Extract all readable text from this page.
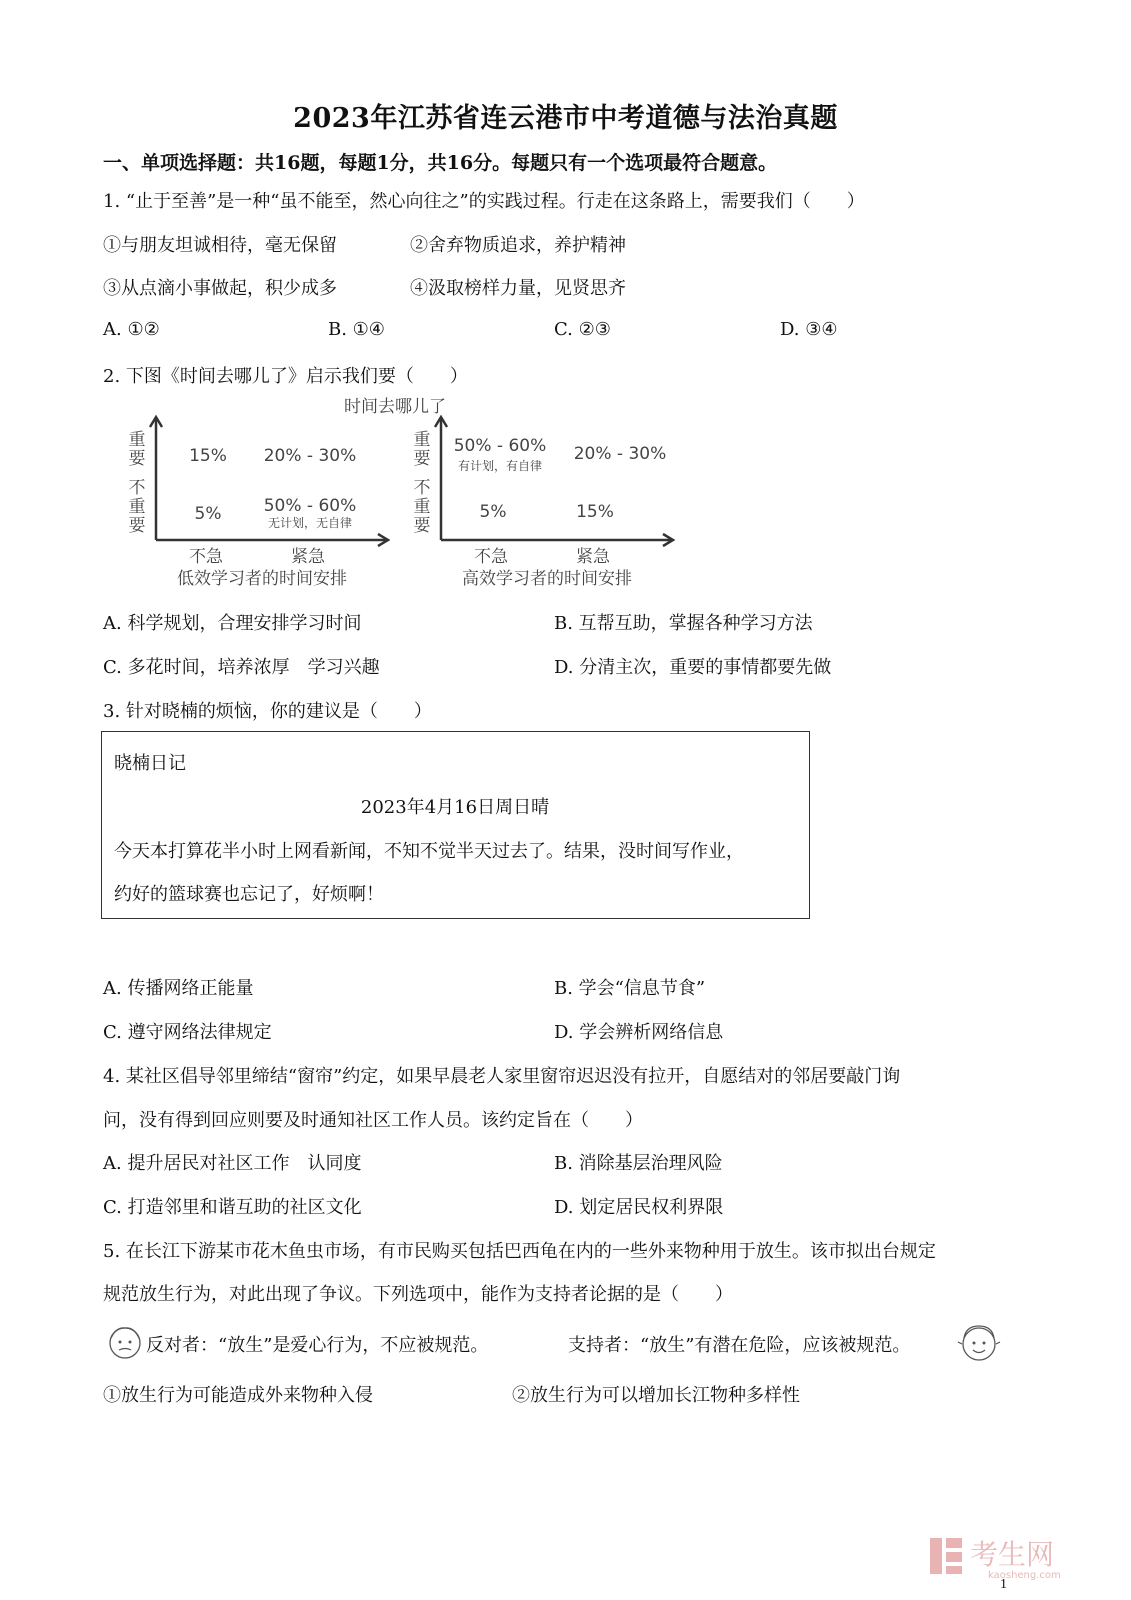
2023年江苏省连云港市中考道德与法治真题
一、单项选择题：共16题，每题1分，共16分。每题只有一个选项最符合题意。
1. “止于至善”是一种“虽不能至，然心向往之”的实践过程。行走在这条路上，需要我们（　　）
①与朋友坦诚相待，毫无保留	②舍弃物质追求，养护精神
③从点滴小事做起，积少成多	④汲取榜样力量，见贤思齐
A. ①②	B. ①④	C. ②③	D. ③④
2. 下图《时间去哪儿了》启示我们要（　　）
时间去哪儿了
重
要
不
重
要
15% 20% - 30%
5% 50% - 60%
无计划，无自律
不急	紧急
低效学习者的时间安排
重
要
不
重
要
50% - 60% 20% - 30%
5%	15%
有计划，有自律
不急	紧急
高效学习者的时间安排
A. 科学规划，合理安排学习时间	B. 互帮互助，掌握各种学习方法
C. 多花时间，培养浓厚　学习兴趣	D. 分清主次，重要的事情都要先做
3. 针对晓楠的烦恼，你的建议是（　　）
晓楠日记
2023年4月16日周日晴
今天本打算花半小时上网看新闻，不知不觉半天过去了。结果，没时间写作业，
约好的篮球赛也忘记了，好烦啊！
A. 传播网络正能量	B. 学会“信息节食”
C. 遵守网络法律规定	D. 学会辨析网络信息
4. 某社区倡导邻里缔结“窗帘”约定，如果早晨老人家里窗帘迟迟没有拉开，自愿结对的邻居要敲门询
问，没有得到回应则要及时通知社区工作人员。该约定旨在（　　）
A. 提升居民对社区工作　认同度	B. 消除基层治理风险
C. 打造邻里和谐互助的社区文化	D. 划定居民权利界限
5. 在长江下游某市花木鱼虫市场，有市民购买包括巴西龟在内的一些外来物种用于放生。该市拟出台规定
规范放生行为，对此出现了争议。下列选项中，能作为支持者论据的是（　　）
反对者：“放生”是爱心行为，不应被规范。	支持者：“放生”有潜在危险，应该被规范。
①放生行为可能造成外来物种入侵	②放生行为可以增加长江物种多样性
考生网
kaosheng.com
1
